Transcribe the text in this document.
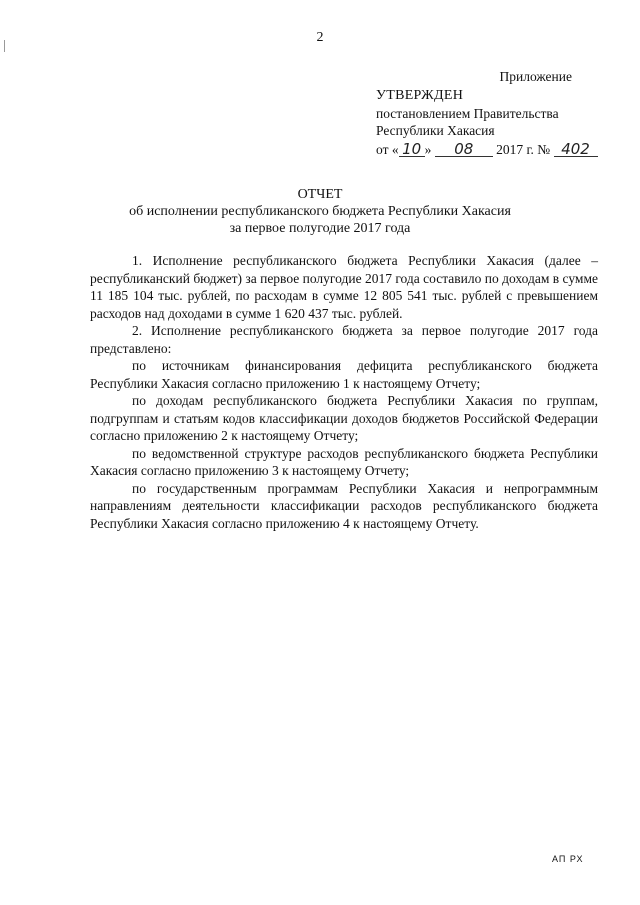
2
Приложение
УТВЕРЖДЕН
постановлением Правительства
Республики Хакасия
от « 10 » 08 2017 г. № 402
ОТЧЕТ
об исполнении республиканского бюджета Республики Хакасия
за первое полугодие 2017 года

1. Исполнение республиканского бюджета Республики Хакасия (далее – республиканский бюджет) за первое полугодие 2017 года составило по доходам в сумме 11 185 104 тыс. рублей, по расходам в сумме 12 805 541 тыс. рублей с превышением расходов над доходами в сумме 1 620 437 тыс. рублей.

2. Исполнение республиканского бюджета за первое полугодие 2017 года представлено:

по источникам финансирования дефицита республиканского бюджета Республики Хакасия согласно приложению 1 к настоящему Отчету;

по доходам республиканского бюджета Республики Хакасия по группам, подгруппам и статьям кодов классификации доходов бюджетов Российской Федерации согласно приложению 2 к настоящему Отчету;

по ведомственной структуре расходов республиканского бюджета Республики Хакасия согласно приложению 3 к настоящему Отчету;

по государственным программам Республики Хакасия и непрограммным направлениям деятельности классификации расходов республиканского бюджета Республики Хакасия согласно приложению 4 к настоящему Отчету.

АП РХ
